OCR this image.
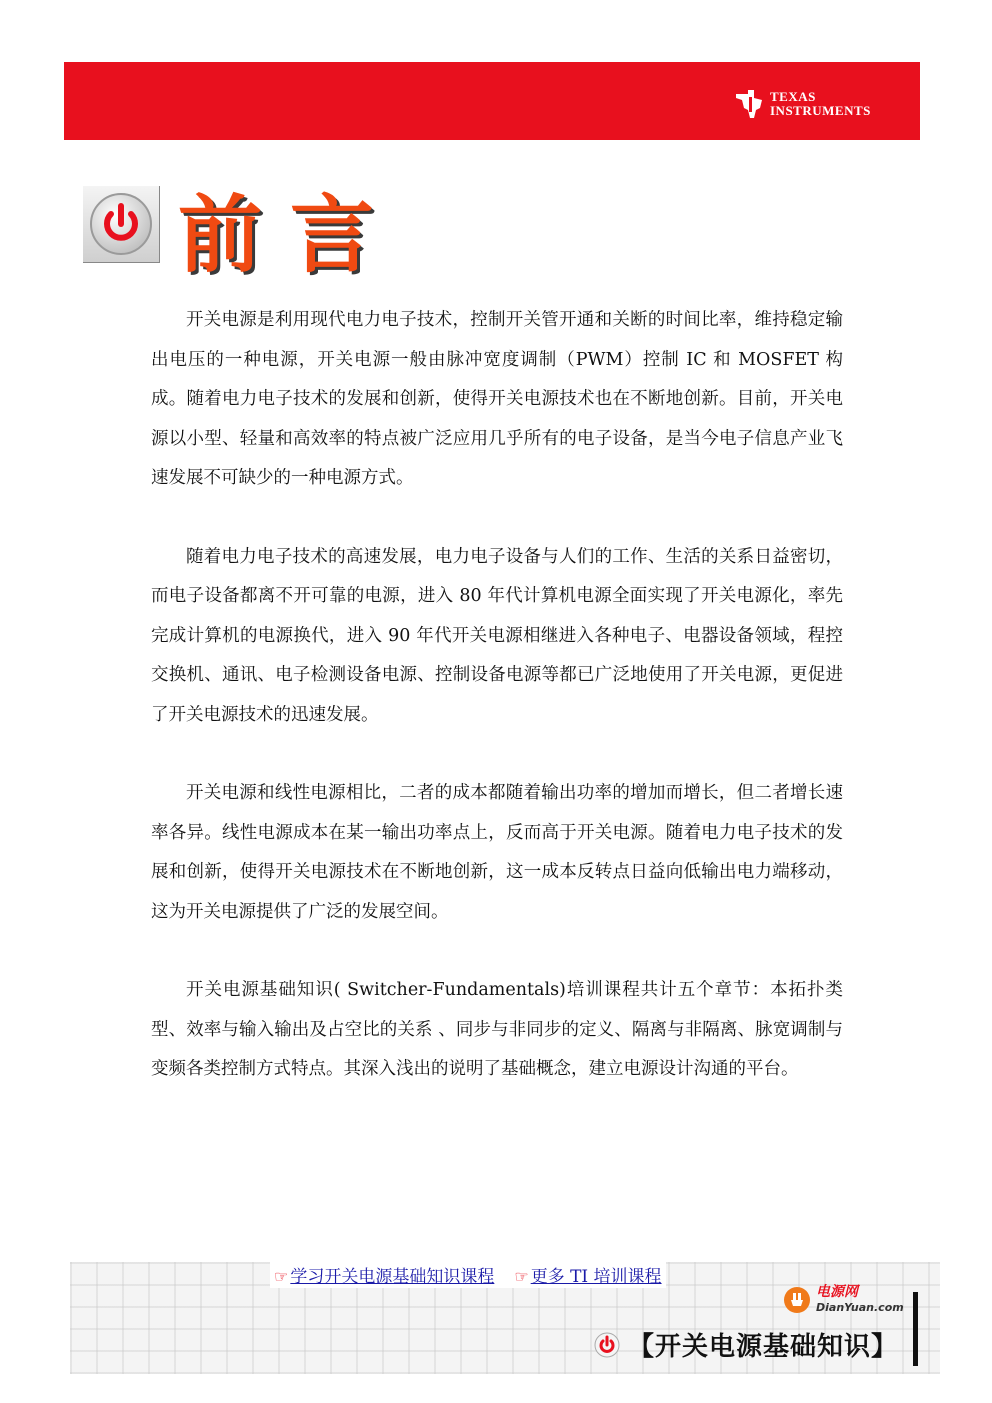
TEXAS
INSTRUMENTS
前言

开关电源是利用现代电力电子技术，控制开关管开通和关断的时间比率，维持稳定输出电压的一种电源，开关电源一般由脉冲宽度调制（PWM）控制 IC 和 MOSFET 构成。随着电力电子技术的发展和创新，使得开关电源技术也在不断地创新。目前，开关电源以小型、轻量和高效率的特点被广泛应用几乎所有的电子设备，是当今电子信息产业飞速发展不可缺少的一种电源方式。

随着电力电子技术的高速发展，电力电子设备与人们的工作、生活的关系日益密切，而电子设备都离不开可靠的电源，进入 80 年代计算机电源全面实现了开关电源化，率先完成计算机的电源换代，进入 90 年代开关电源相继进入各种电子、电器设备领域，程控交换机、通讯、电子检测设备电源、控制设备电源等都已广泛地使用了开关电源，更促进了开关电源技术的迅速发展。

开关电源和线性电源相比，二者的成本都随着输出功率的增加而增长，但二者增长速率各异。线性电源成本在某一输出功率点上，反而高于开关电源。随着电力电子技术的发展和创新，使得开关电源技术在不断地创新，这一成本反转点日益向低输出电力端移动，这为开关电源提供了广泛的发展空间。

开关电源基础知识( Switcher-Fundamentals)培训课程共计五个章节：本拓扑类型、效率与输入输出及占空比的关系 、同步与非同步的定义、隔离与非隔离、脉宽调制与变频各类控制方式特点。其深入浅出的说明了基础概念，建立电源设计沟通的平台。

☞ 学习开关电源基础知识课程 ☞ 更多 TI 培训课程
电源网
DianYuan.com
【开关电源基础知识】
